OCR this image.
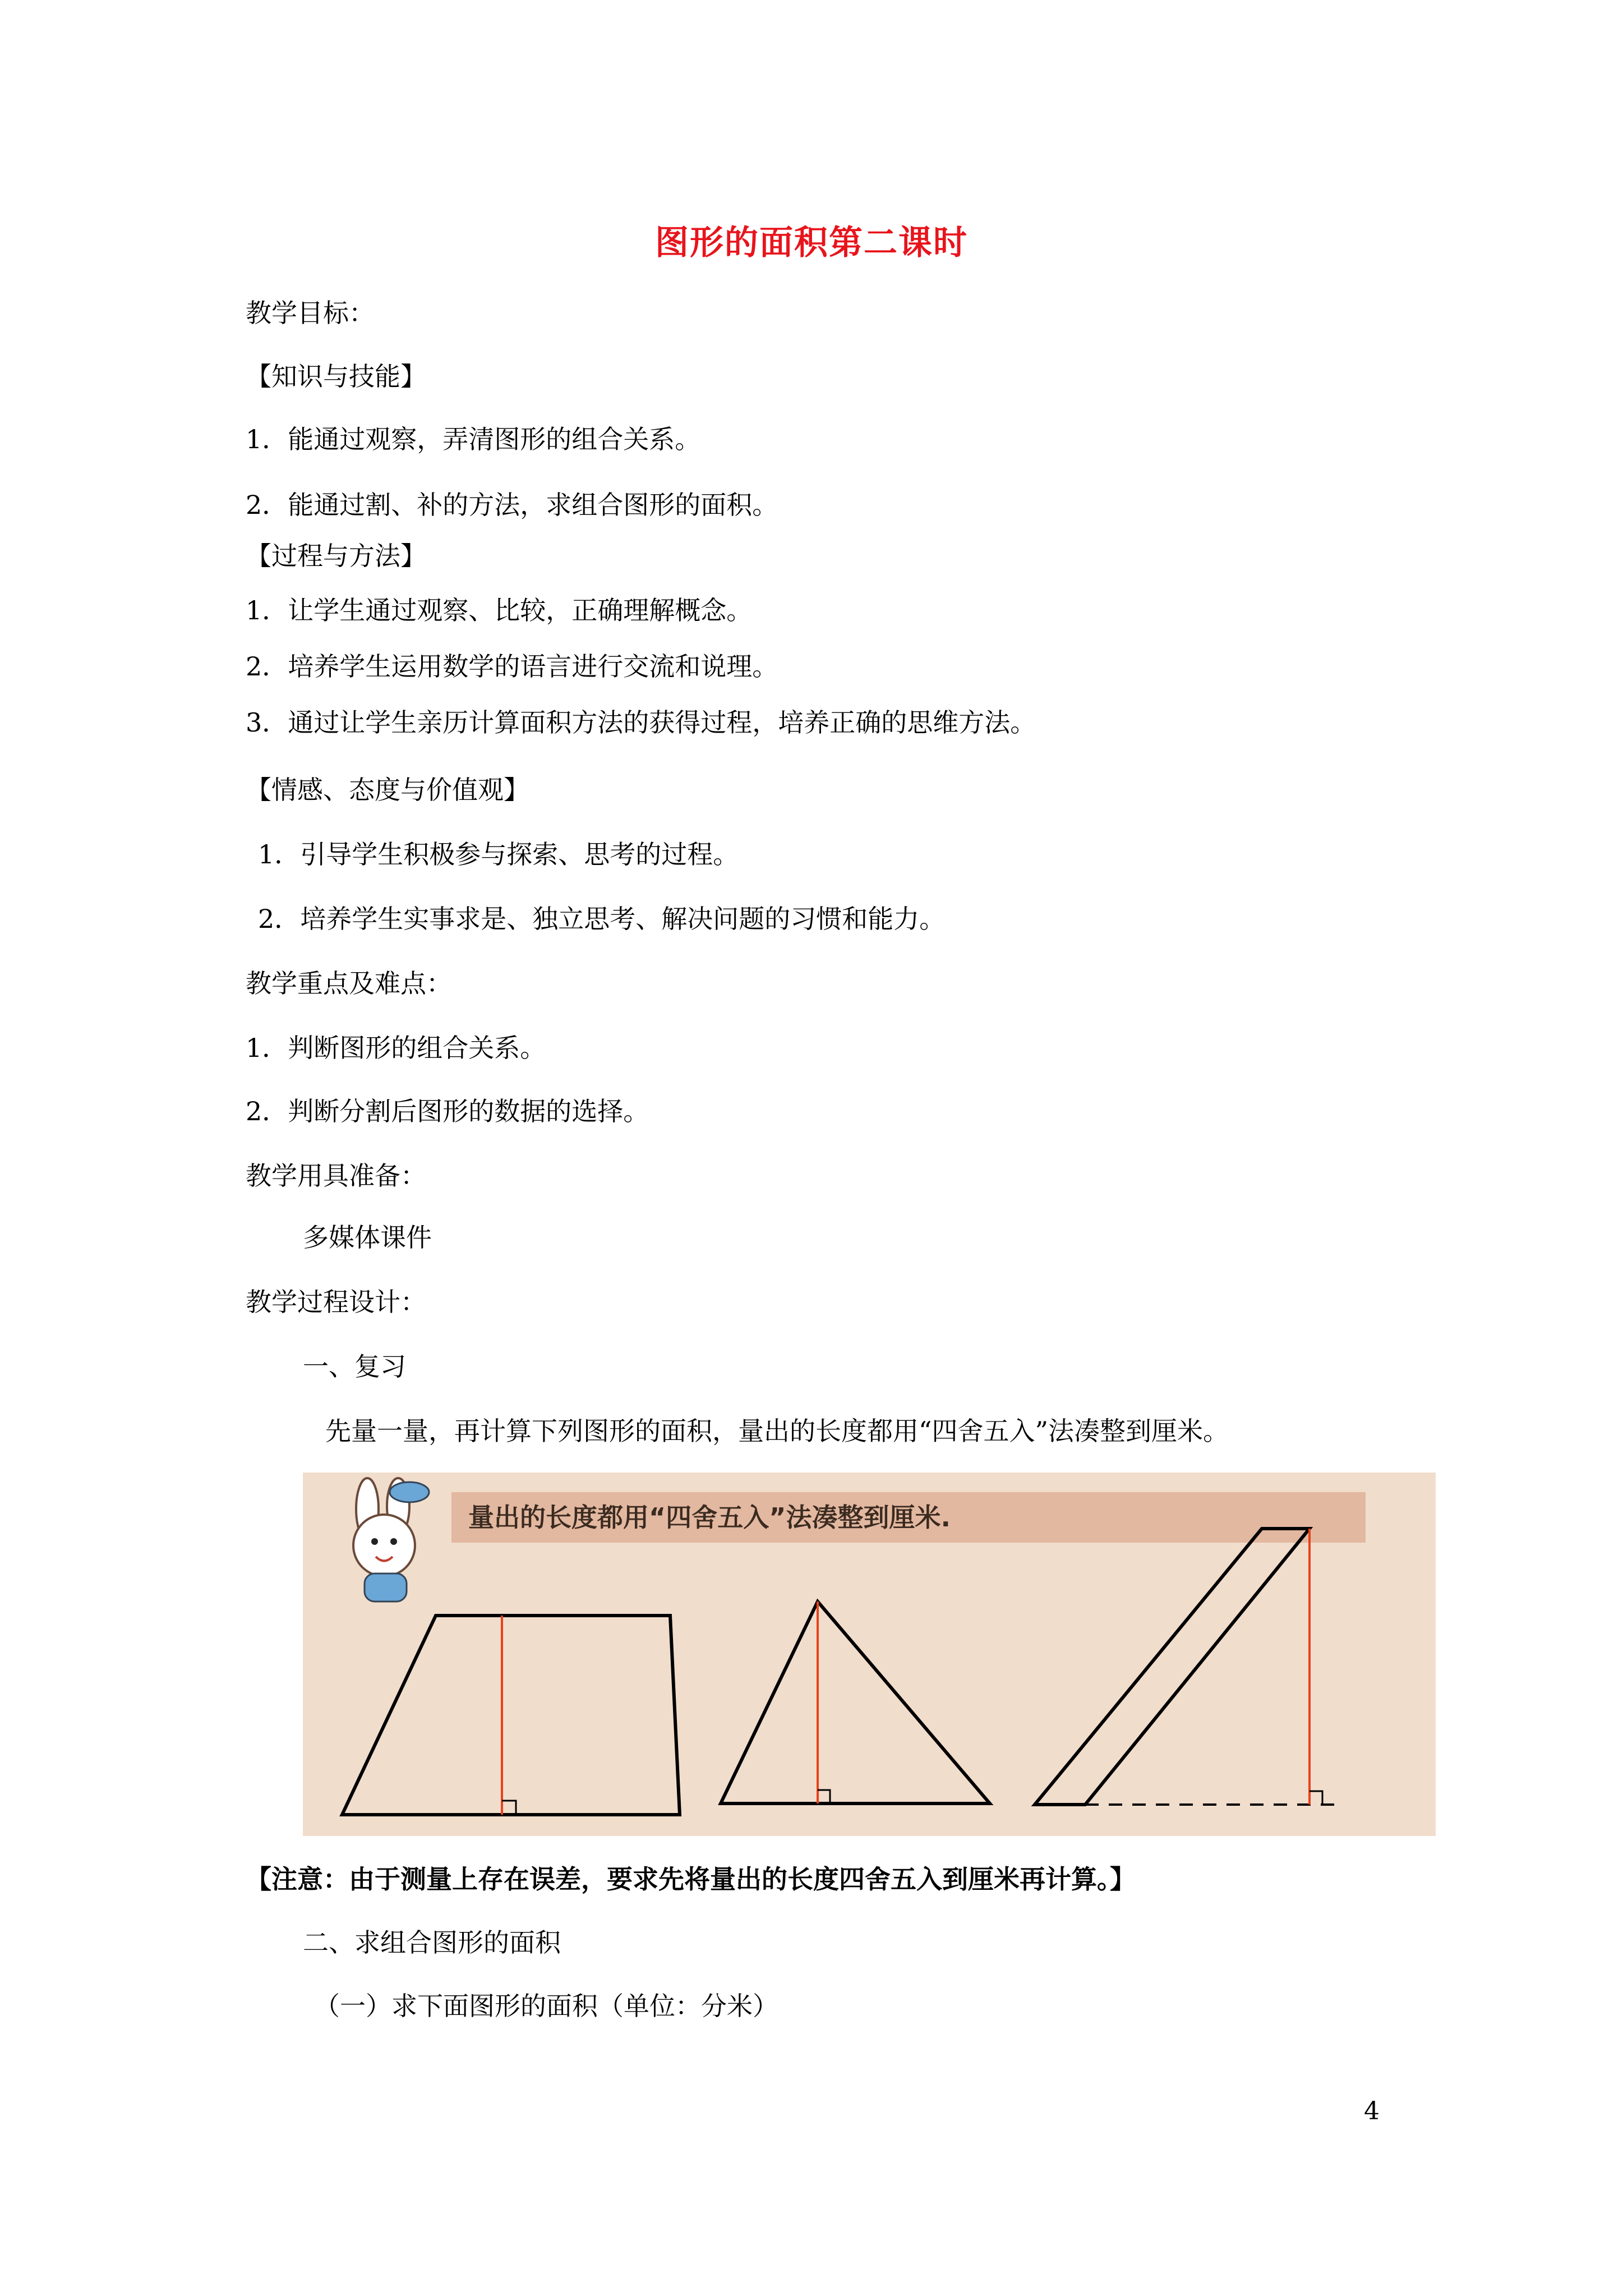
图形的面积第二课时
教学目标：
【知识与技能】
1．能通过观察，弄清图形的组合关系。
2．能通过割、补的方法，求组合图形的面积。
【过程与方法】
1．让学生通过观察、比较，正确理解概念。
2．培养学生运用数学的语言进行交流和说理。
3．通过让学生亲历计算面积方法的获得过程，培养正确的思维方法。
【情感、态度与价值观】
1．引导学生积极参与探索、思考的过程。
2．培养学生实事求是、独立思考、解决问题的习惯和能力。
教学重点及难点：
1．判断图形的组合关系。
2．判断分割后图形的数据的选择。
教学用具准备：
多媒体课件
教学过程设计：
一、复习
先量一量，再计算下列图形的面积，量出的长度都用“四舍五入”法凑整到厘米。
量出的长度都用“四舍五入”法凑整到厘米.
【注意：由于测量上存在误差，要求先将量出的长度四舍五入到厘米再计算。】
二、求组合图形的面积
（一）求下面图形的面积（单位：分米）
4
